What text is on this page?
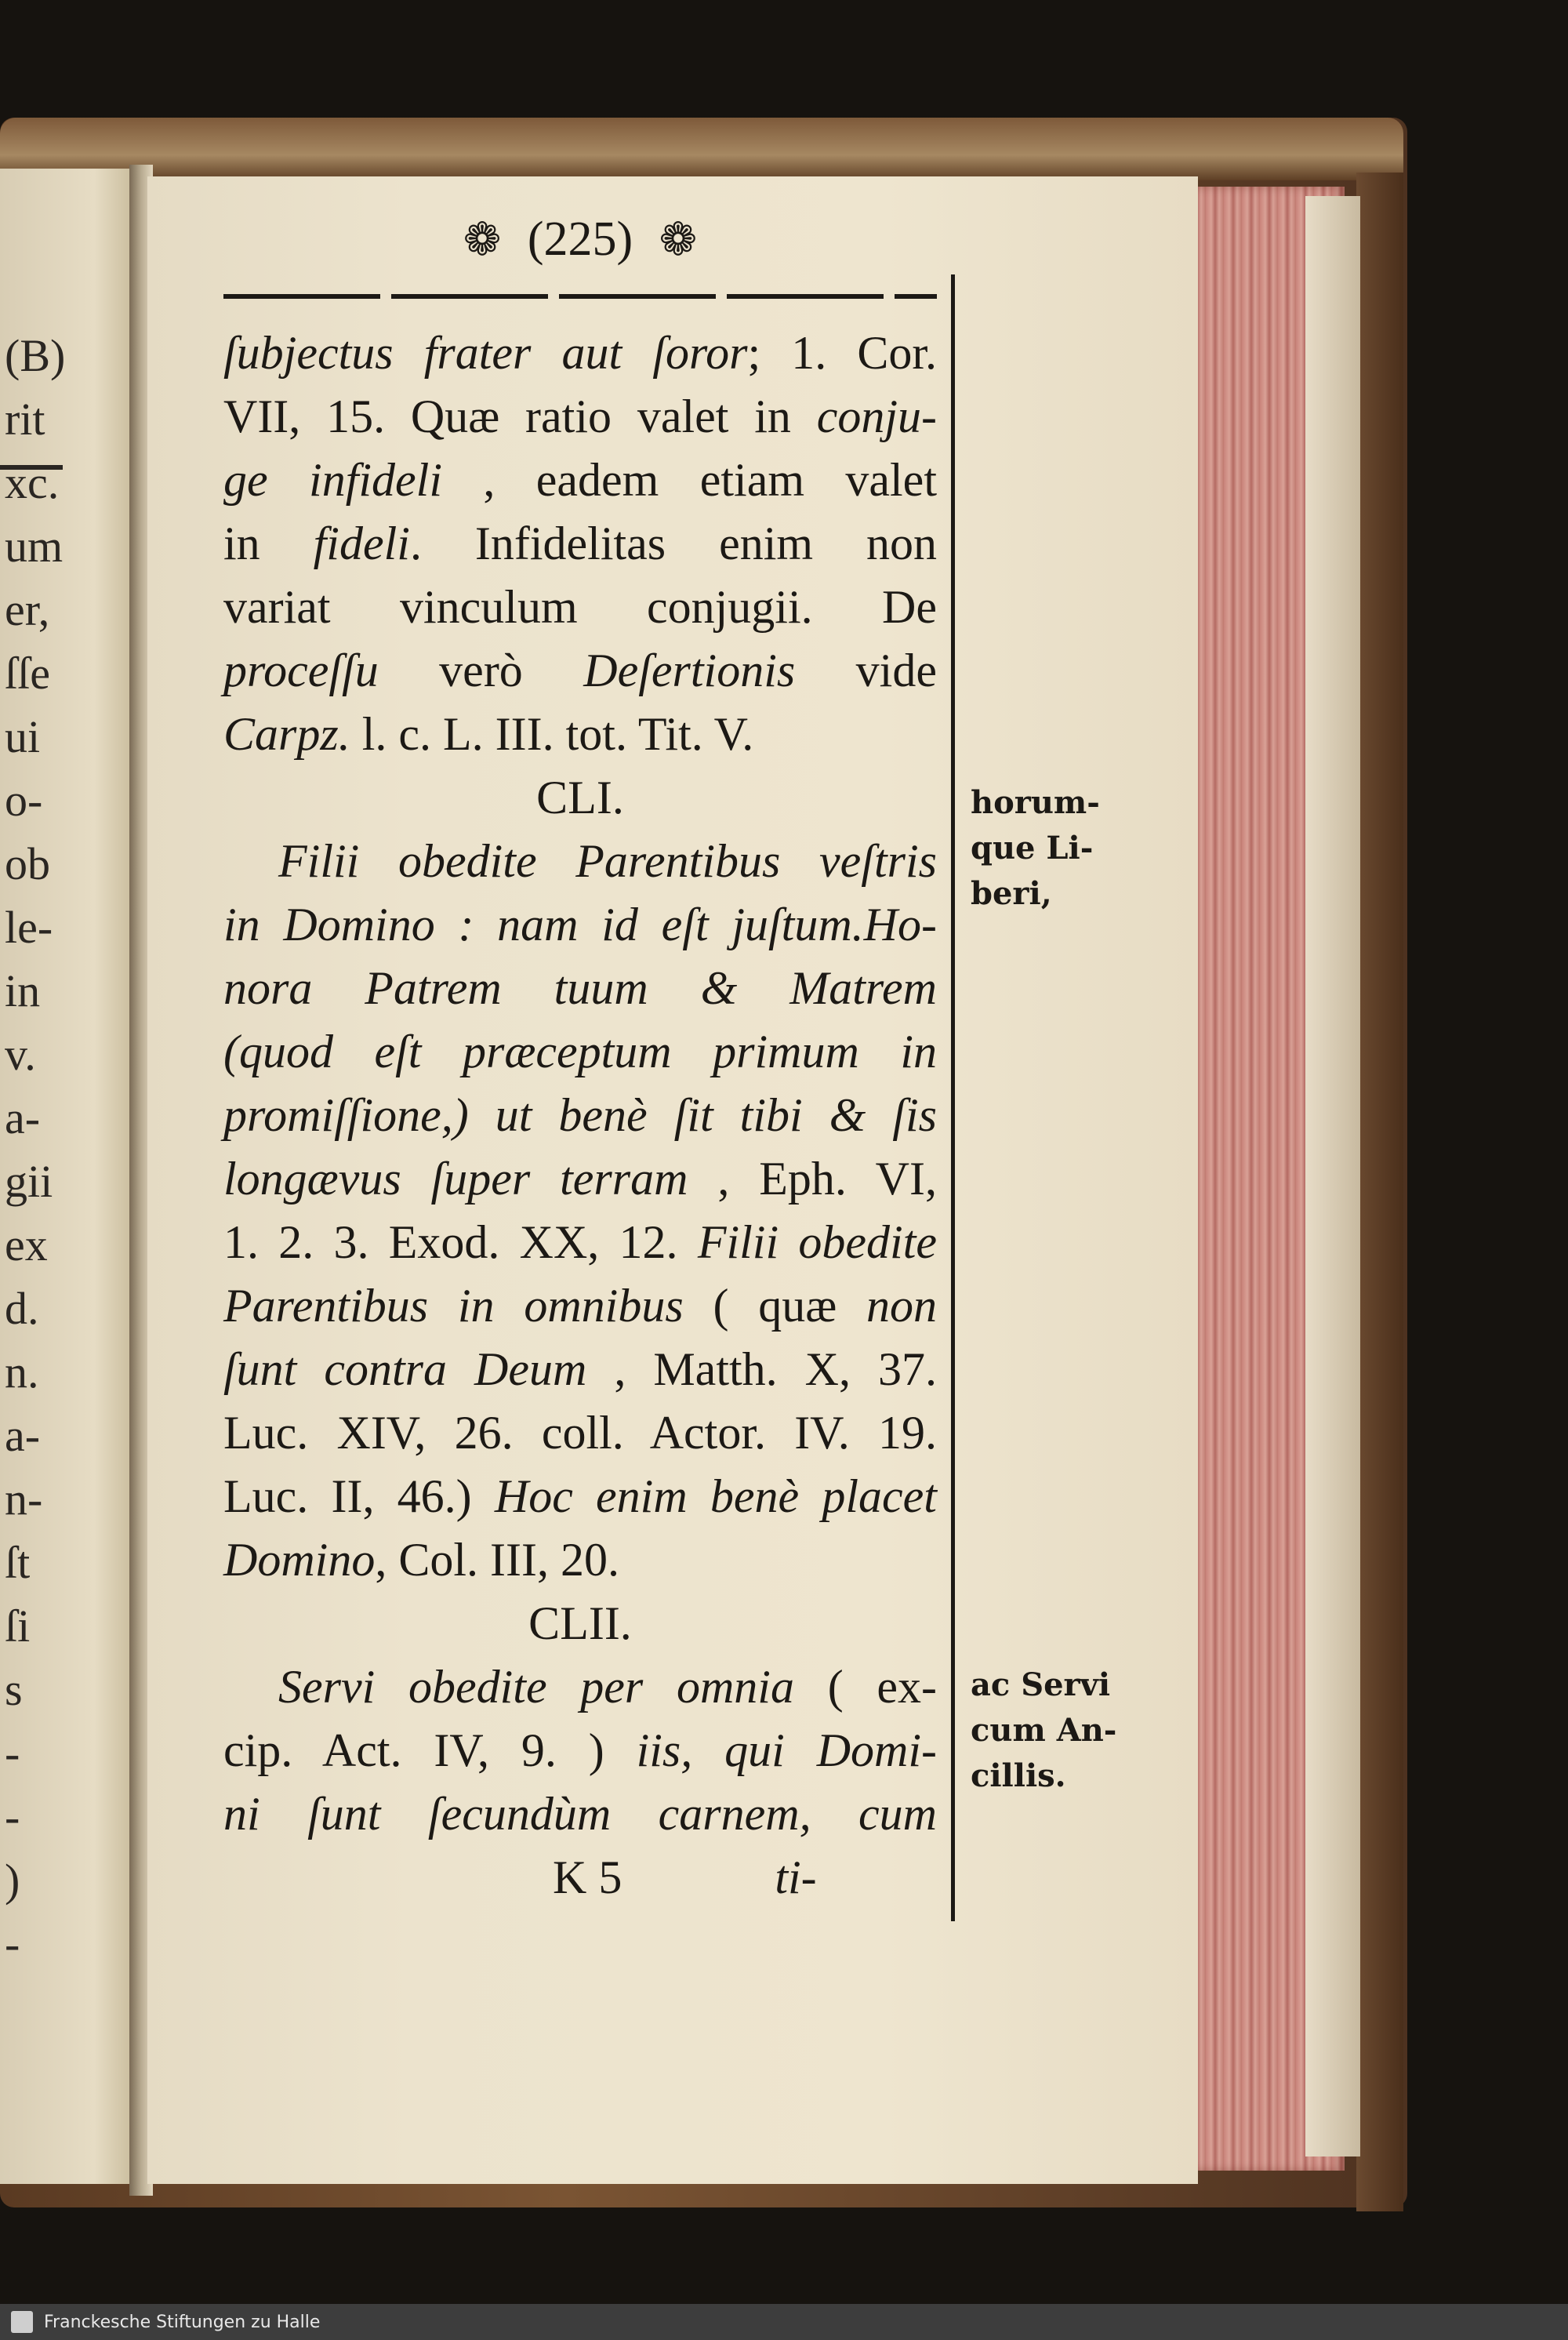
(B)
rit
xc.
um
er,
ſſe
ui
o-
ob
le-
in
v.
a-
gii
ex
d.
n.
a-
n-
ſt
ſi
s
-
-
)
-
❁ (225) ❁
ſubjectus frater aut ſoror; 1. Cor.
VII, 15. Quæ ratio valet in conju-
ge infideli , eadem etiam valet
in fideli. Infidelitas enim non
variat vinculum conjugii. De
proceſſu verò Deſertionis vide
Carpz. l. c. L. III. tot. Tit. V.
CLI.
Filii obedite Parentibus veſtris
in Domino : nam id eſt juſtum.Ho-
nora Patrem tuum & Matrem
(quod eſt præceptum primum in
promiſſione,) ut benè ſit tibi & ſis
longævus ſuper terram , Eph. VI,
1. 2. 3. Exod. XX, 12. Filii obedite
Parentibus in omnibus ( quæ non
ſunt contra Deum , Matth. X, 37.
Luc. XIV, 26. coll. Actor. IV. 19.
Luc. II, 46.) Hoc enim benè placet
Domino, Col. III, 20.
CLII.
Servi obedite per omnia ( ex-
cip. Act. IV, 9. ) iis, qui Domi-
ni ſunt ſecundùm carnem, cum
K 5             ti-
horum-
que Li-
beri,
ac Servi
cum An-
cillis.
Franckesche Stiftungen zu Halle
